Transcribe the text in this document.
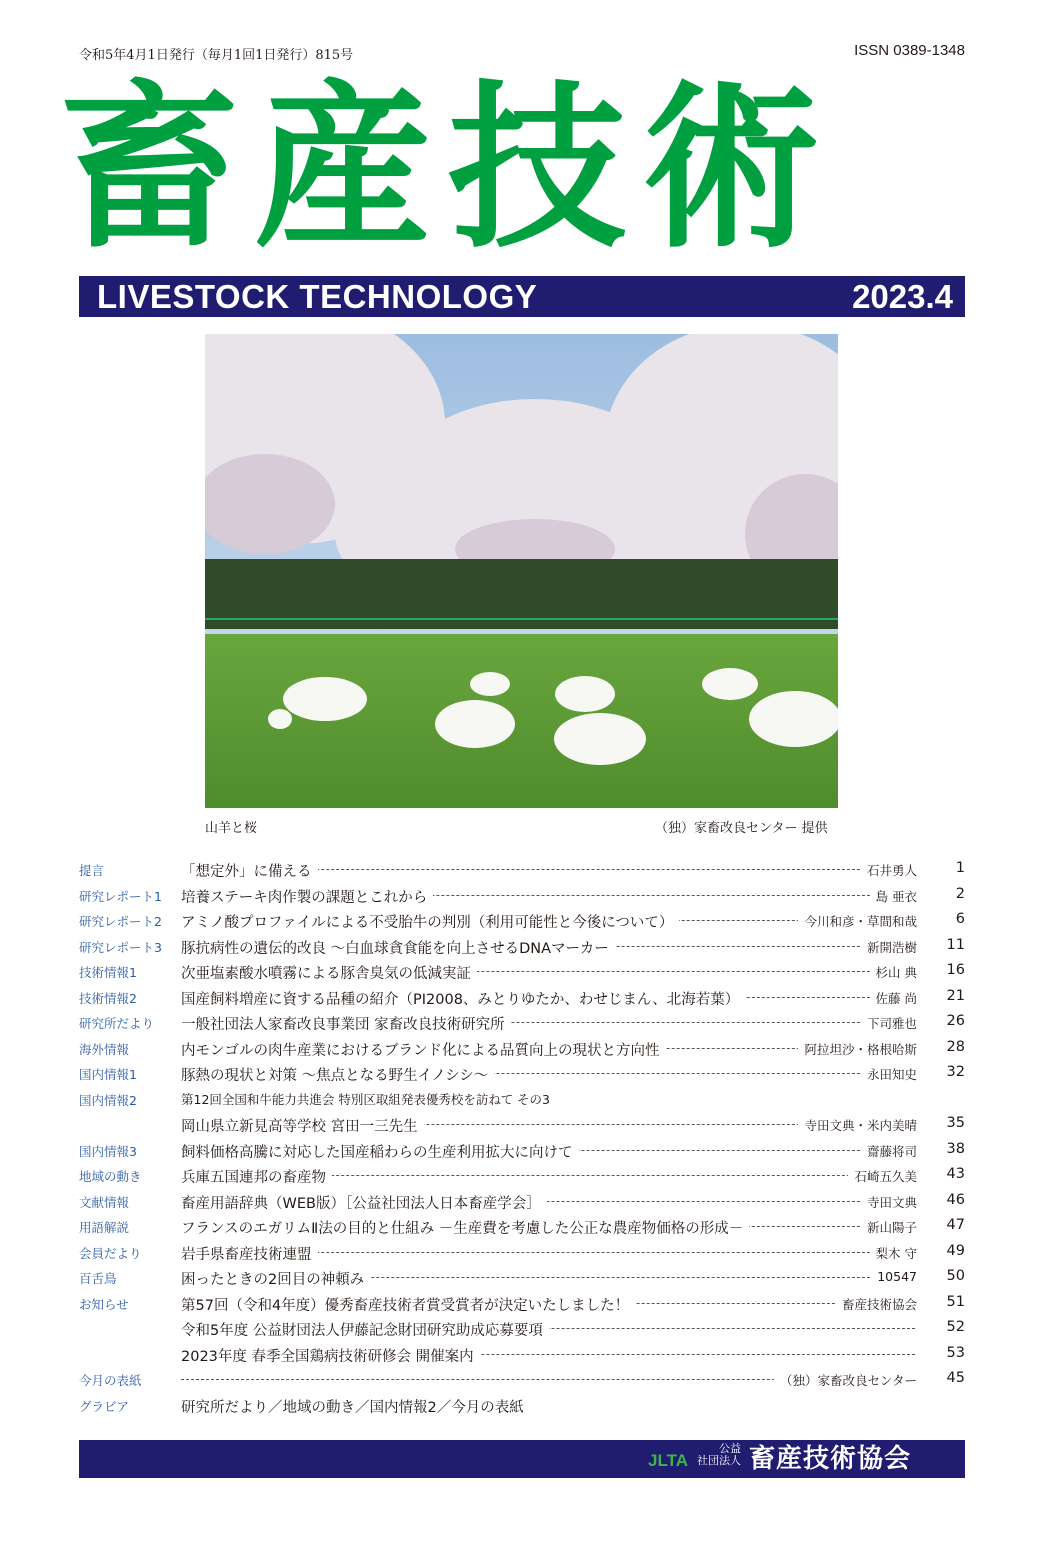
令和5年4月1日発行（毎月1回1日発行）815号	ISSN 0389-1348
畜産技術
LIVESTOCK TECHNOLOGY	2023.4
山羊と桜	（独）家畜改良センター 提供
提言	「想定外」に備える	石井勇人	1
研究レポート1 培養ステーキ肉作製の課題とこれから	島 亜衣	2
研究レポート2 アミノ酸プロファイルによる不受胎牛の判別（利用可能性と今後について）	今川和彦・草間和哉	6
研究レポート3 豚抗病性の遺伝的改良 ～白血球貪食能を向上させるDNAマーカー	新開浩樹	11
技術情報1	次亜塩素酸水噴霧による豚舎臭気の低減実証	杉山 典	16
技術情報2	国産飼料増産に資する品種の紹介（PI2008、みとりゆたか、わせじまん、北海若葉）	佐藤 尚	21
研究所だより 一般社団法人家畜改良事業団 家畜改良技術研究所	下司雅也	26
海外情報	内モンゴルの肉牛産業におけるブランド化による品質向上の現状と方向性	阿拉坦沙・格根哈斯	28
国内情報1	豚熱の現状と対策 ～焦点となる野生イノシシ～	永田知史	32
国内情報2	第12回全国和牛能力共進会 特別区取組発表優秀校を訪ねて その3
岡山県立新見高等学校 宮田一三先生	寺田文典・米内美晴	35
国内情報3	飼料価格高騰に対応した国産稲わらの生産利用拡大に向けて	齋藤将司	38
地域の動き	兵庫五国連邦の畜産物	石崎五久美	43
文献情報	畜産用語辞典（WEB版）［公益社団法人日本畜産学会］	寺田文典	46
用語解説	フランスのエガリムⅡ法の目的と仕組み －生産費を考慮した公正な農産物価格の形成－	新山陽子	47
会員だより	岩手県畜産技術連盟	梨木 守	49
百舌鳥	困ったときの2回目の神頼み	10547	50
お知らせ	第57回（令和4年度）優秀畜産技術者賞受賞者が決定いたしました！	畜産技術協会	51
令和5年度 公益財団法人伊藤記念財団研究助成応募要項	52
2023年度 春季全国鶏病技術研修会 開催案内	53
今月の表紙	（独）家畜改良センター	45
グラビア	研究所だより／地域の動き／国内情報2／今月の表紙
JLTA
公益
社団法人 畜産技術協会
